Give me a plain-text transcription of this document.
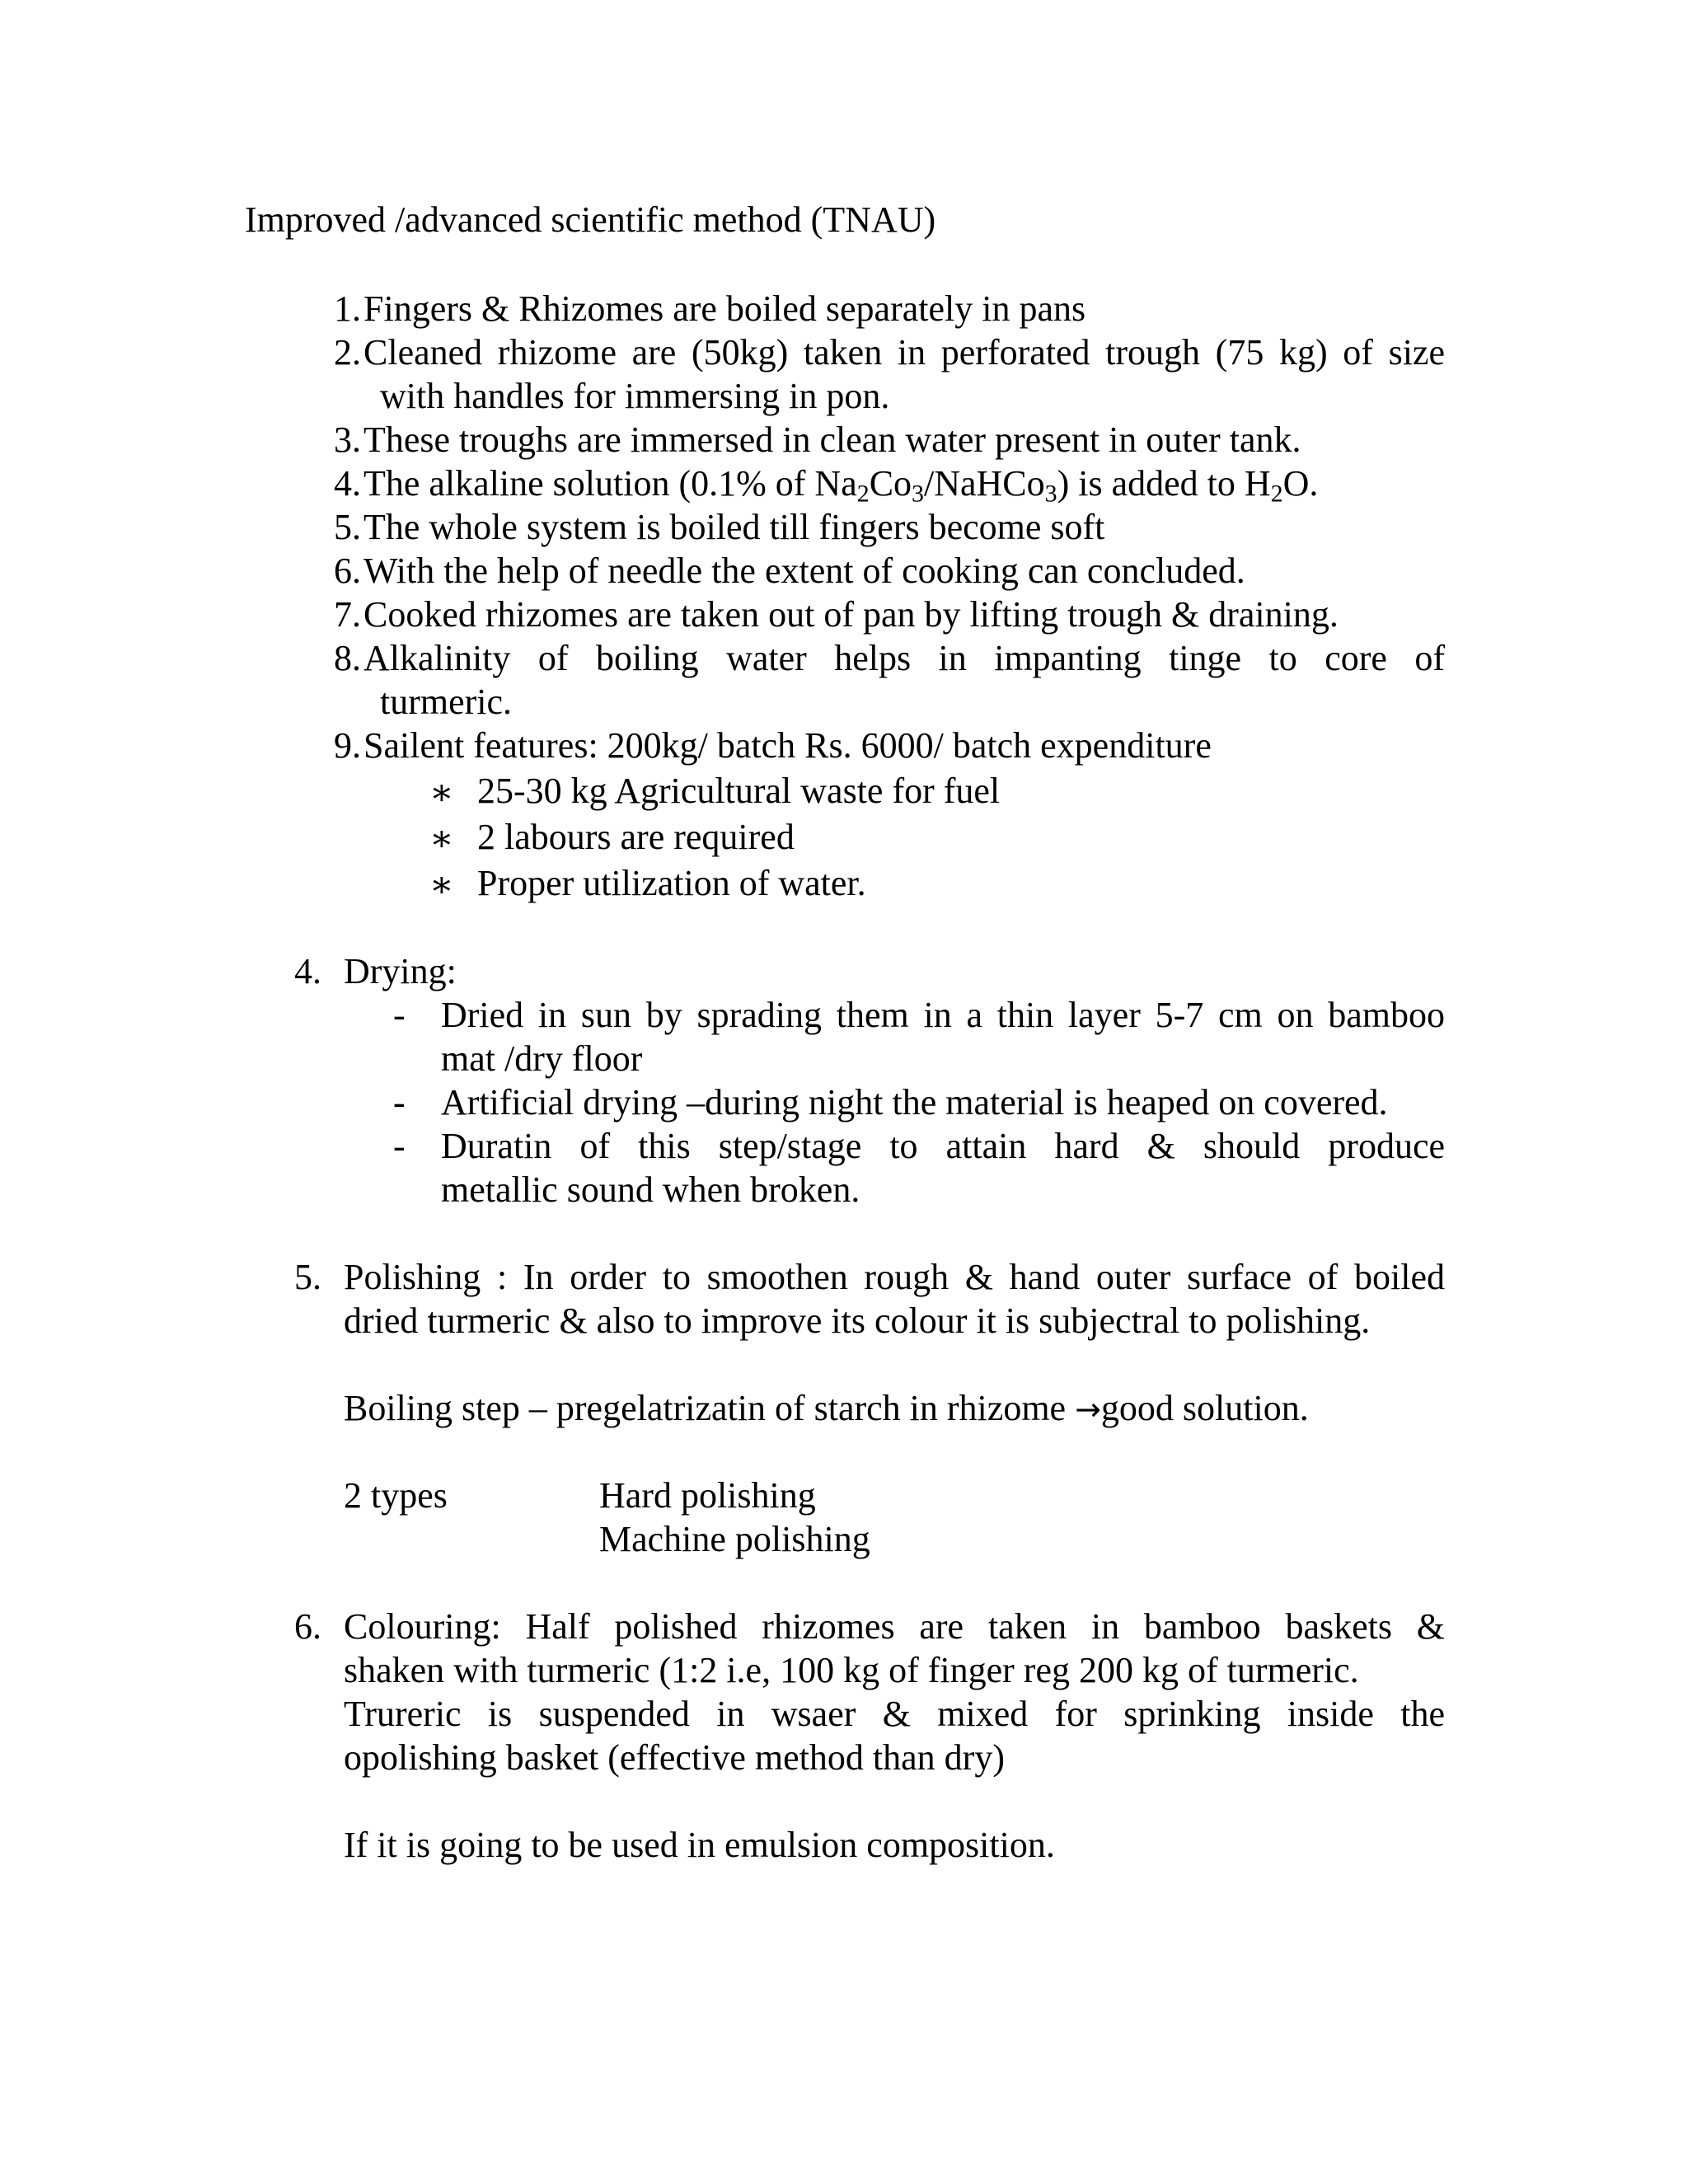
Improved /advanced scientific method (TNAU)
1. Fingers & Rhizomes are boiled separately in pans
2. Cleaned rhizome are (50kg) taken in perforated trough (75 kg) of size
with handles for immersing in pon.
3. These troughs are immersed in clean water present in outer tank.
4. The alkaline solution (0.1% of $Na_2Co_3/NaHCo_3$) is added to $H_2O$.
5. The whole system is boiled till fingers become soft
6. With the help of needle the extent of cooking can concluded.
7. Cooked rhizomes are taken out of pan by lifting trough & draining.
8. Alkalinity of boiling water helps in impanting tinge to core of
turmeric.
9. Sailent features: 200kg/ batch Rs. 6000/ batch expenditure
∗ 25-30 kg Agricultural waste for fuel
∗ 2 labours are required
∗ Proper utilization of water.
4. Drying:
- Dried in sun by sprading them in a thin layer 5-7 cm on bamboo
mat /dry floor
- Artificial drying –during night the material is heaped on covered.
- Duratin of this step/stage to attain hard & should produce
metallic sound when broken.
5. Polishing : In order to smoothen rough & hand outer surface of boiled
dried turmeric & also to improve its colour it is subjectral to polishing.
Boiling step – pregelatrizatin of starch in rhizome →good solution.
2 types	Hard polishing
Machine polishing
6. Colouring: Half polished rhizomes are taken in bamboo baskets &
shaken with turmeric (1:2 i.e, 100 kg of finger reg 200 kg of turmeric.
Trureric is suspended in wsaer & mixed for sprinking inside the
opolishing basket (effective method than dry)
If it is going to be used in emulsion composition.
